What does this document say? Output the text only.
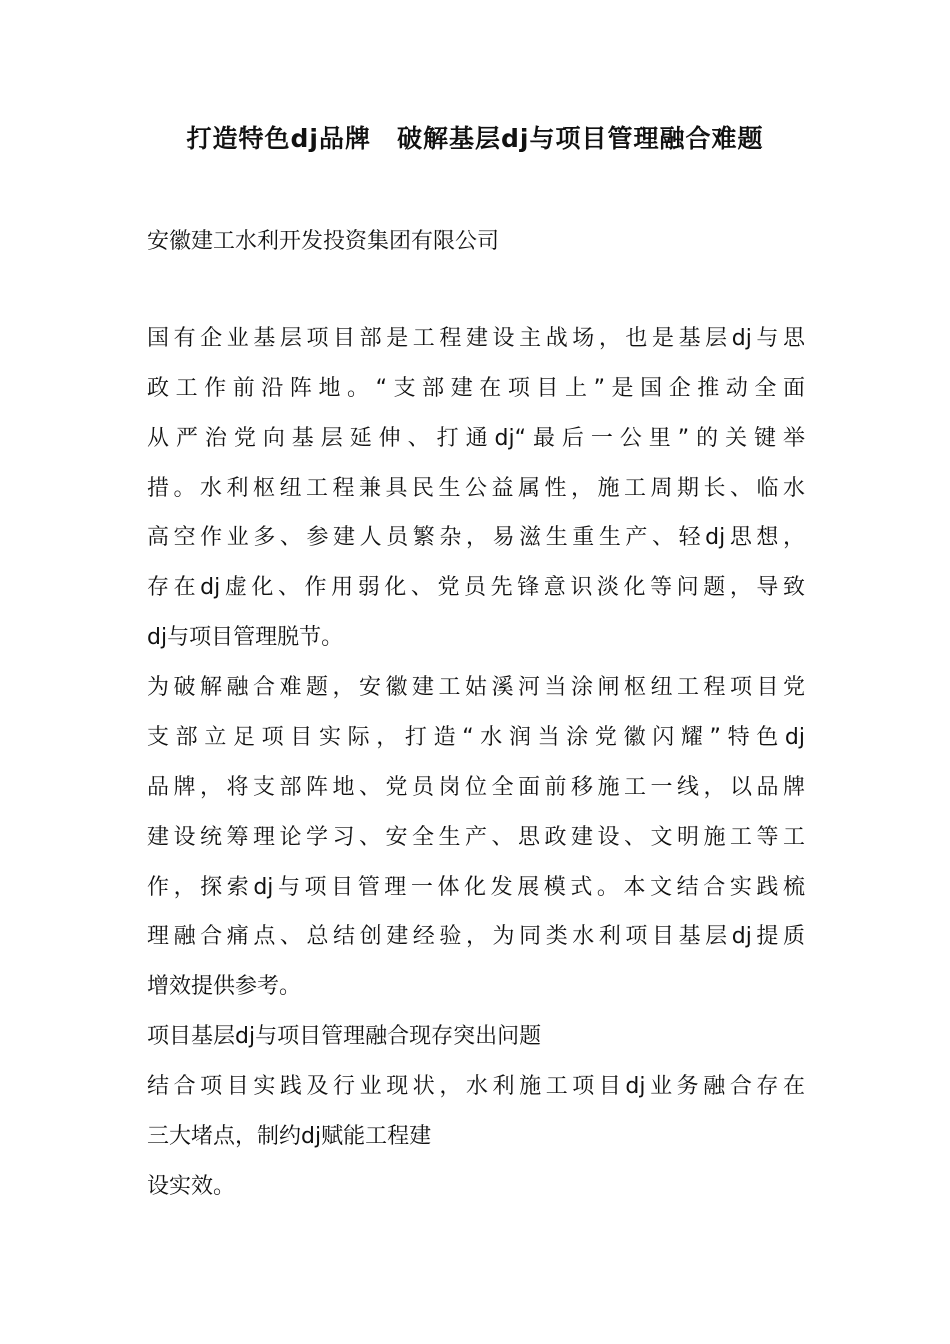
打造特色dj品牌　破解基层dj与项目管理融合难题
安徽建工水利开发投资集团有限公司
国有企业基层项目部是工程建设主战场，也是基层dj与思
政工作前沿阵地。“支部建在项目上”是国企推动全面
从严治党向基层延伸、打通dj“最后一公里”的关键举
措。水利枢纽工程兼具民生公益属性，施工周期长、临水
高空作业多、参建人员繁杂，易滋生重生产、轻dj思想，
存在dj虚化、作用弱化、党员先锋意识淡化等问题，导致
dj与项目管理脱节。
为破解融合难题，安徽建工姑溪河当涂闸枢纽工程项目党
支部立足项目实际，打造“水润当涂党徽闪耀”特色dj
品牌，将支部阵地、党员岗位全面前移施工一线，以品牌
建设统筹理论学习、安全生产、思政建设、文明施工等工
作，探索dj与项目管理一体化发展模式。本文结合实践梳
理融合痛点、总结创建经验，为同类水利项目基层dj提质
增效提供参考。
项目基层dj与项目管理融合现存突出问题
结合项目实践及行业现状，水利施工项目dj业务融合存在
三大堵点，制约dj赋能工程建
设实效。
